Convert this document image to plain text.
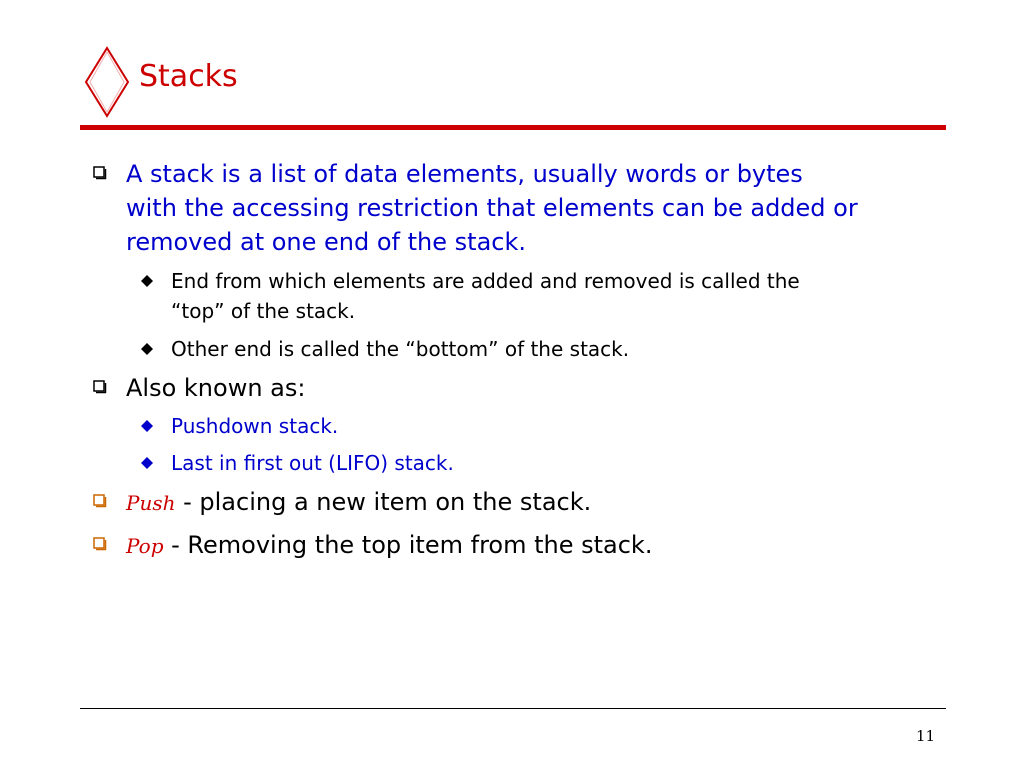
Stacks
A stack is a list of data elements, usually words or bytes
with the accessing restriction that elements can be added or
removed at one end of the stack.
End from which elements are added and removed is called the
“top” of the stack.
Other end is called the “bottom” of the stack.
Also known as:
Pushdown stack.
Last in first out (LIFO) stack.
Push - placing a new item on the stack.
Pop - Removing the top item from the stack.
11
